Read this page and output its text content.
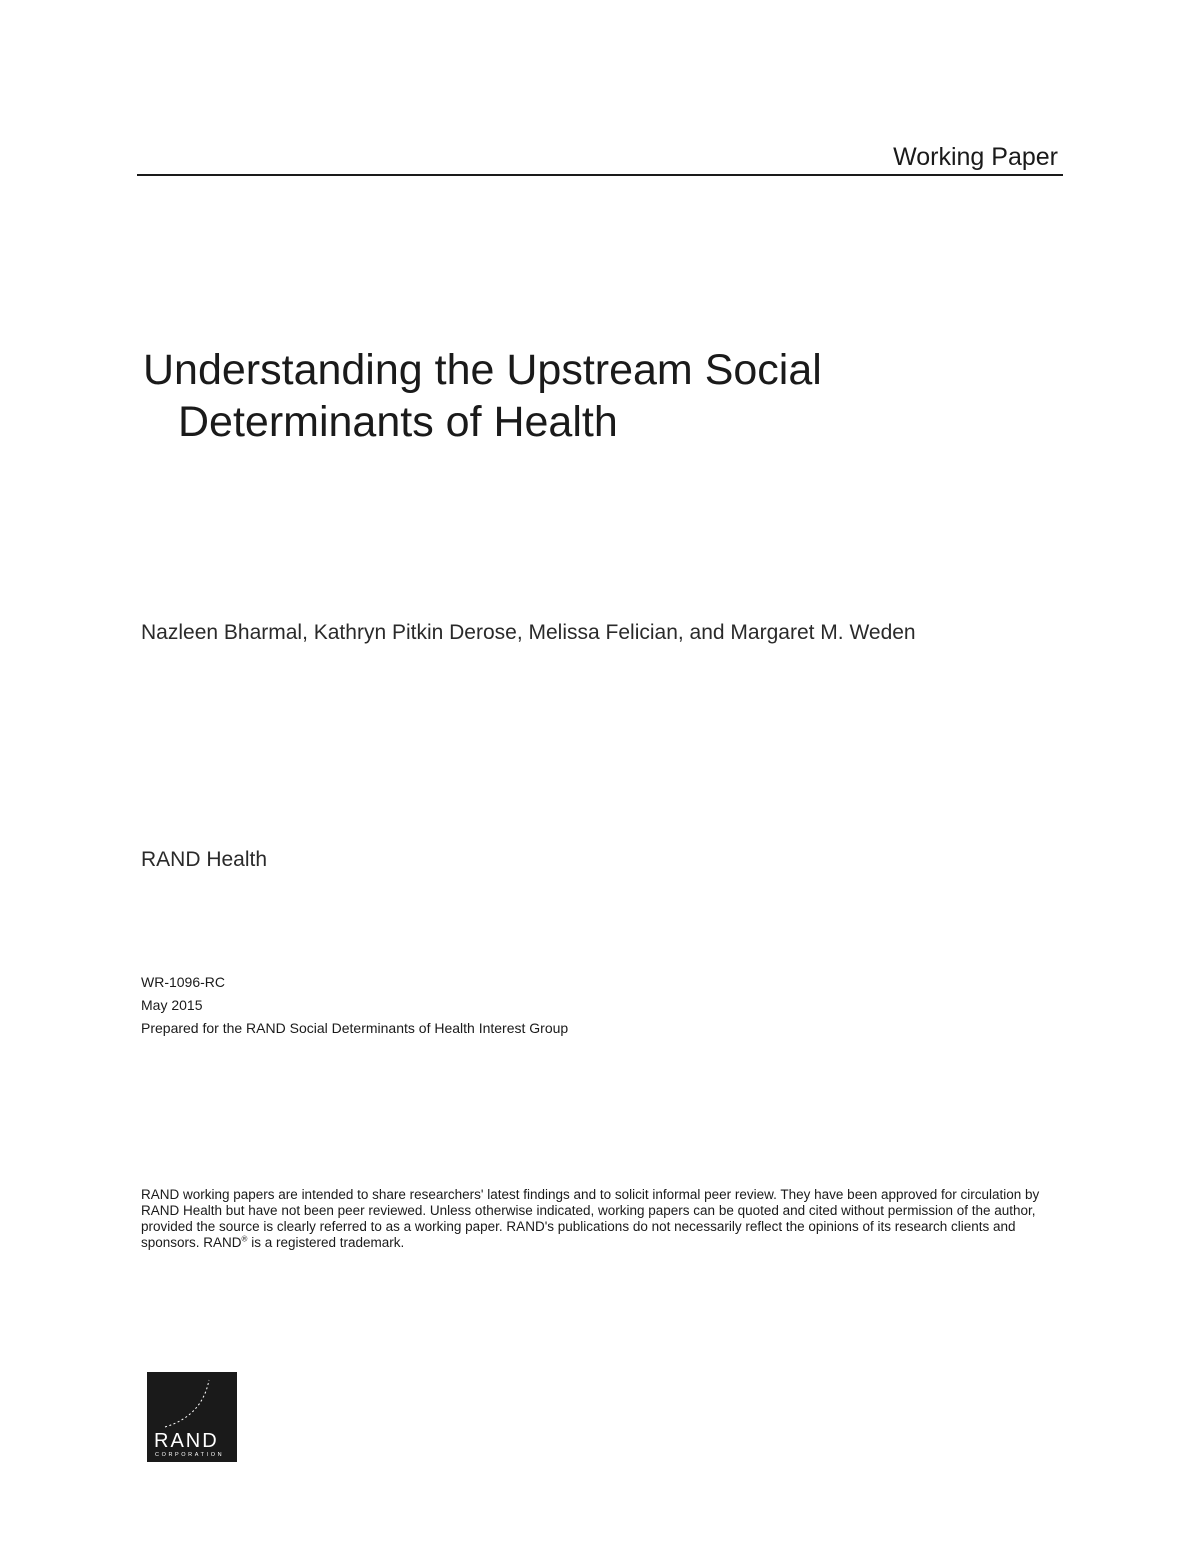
Working Paper
Understanding the Upstream Social
Determinants of Health
Nazleen Bharmal, Kathryn Pitkin Derose, Melissa Felician, and Margaret M. Weden
RAND Health
WR-1096-RC
May 2015
Prepared for the RAND Social Determinants of Health Interest Group
RAND working papers are intended to share researchers' latest findings and to solicit informal peer review. They have been approved for circulation by RAND Health but have not been peer reviewed. Unless otherwise indicated, working papers can be quoted and cited without permission of the author, provided the source is clearly referred to as a working paper. RAND's publications do not necessarily reflect the opinions of its research clients and sponsors. RAND® is a registered trademark.
RAND
CORPORATION
